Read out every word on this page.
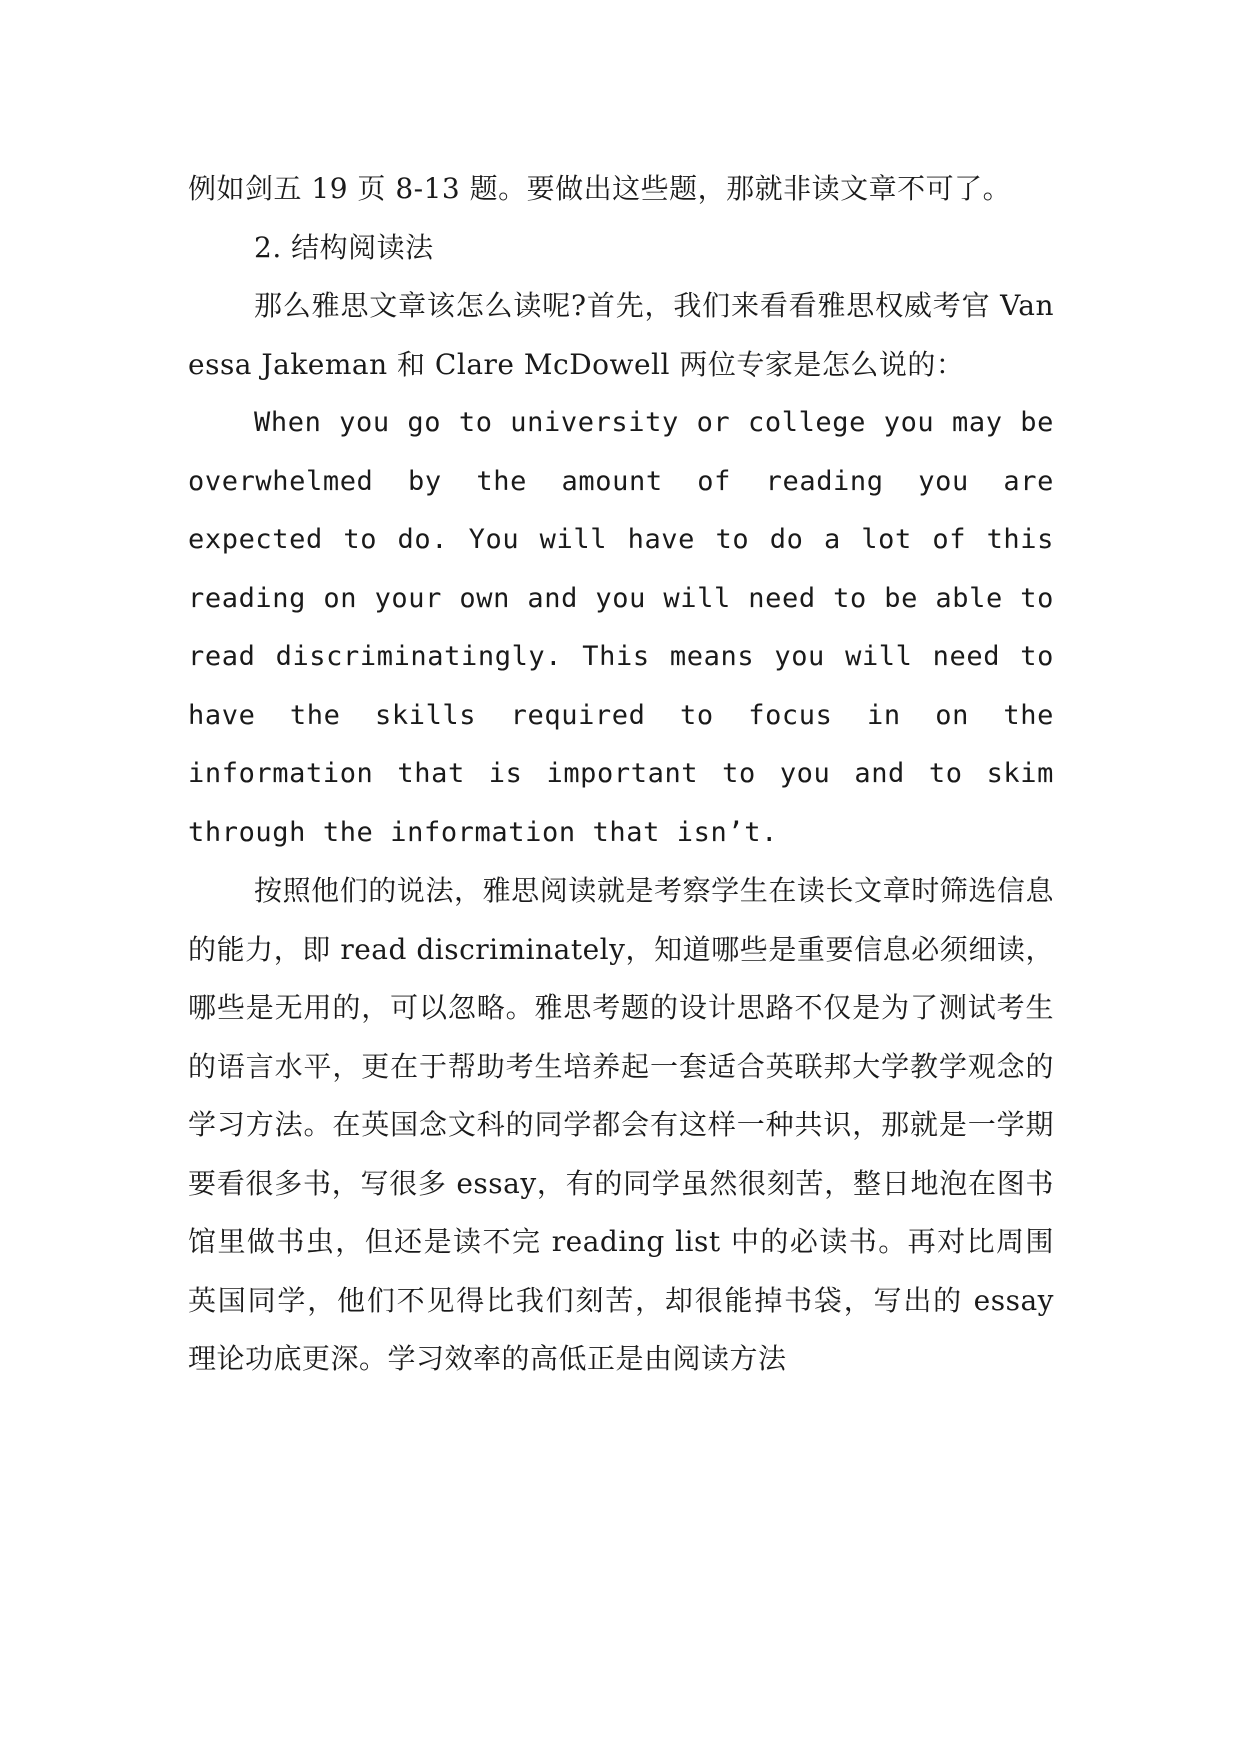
例如剑五 19 页 8-13 题。要做出这些题，那就非读文章不可了。

2. 结构阅读法

那么雅思文章该怎么读呢?首先，我们来看看雅思权威考官 Vanessa Jakeman 和 Clare McDowell 两位专家是怎么说的：

When you go to university or college you may be overwhelmed by the amount of reading you are expected to do. You will have to do a lot of this reading on your own and you will need to be able to read discriminatingly. This means you will need to have the skills required to focus in on the information that is important to you and to skim through the information that isn’t.

按照他们的说法，雅思阅读就是考察学生在读长文章时筛选信息的能力，即 read discriminately，知道哪些是重要信息必须细读，哪些是无用的，可以忽略。雅思考题的设计思路不仅是为了测试考生的语言水平，更在于帮助考生培养起一套适合英联邦大学教学观念的学习方法。在英国念文科的同学都会有这样一种共识，那就是一学期要看很多书，写很多 essay，有的同学虽然很刻苦，整日地泡在图书馆里做书虫，但还是读不完 reading list 中的必读书。再对比周围英国同学，他们不见得比我们刻苦，却很能掉书袋，写出的 essay 理论功底更深。学习效率的高低正是由阅读方法
